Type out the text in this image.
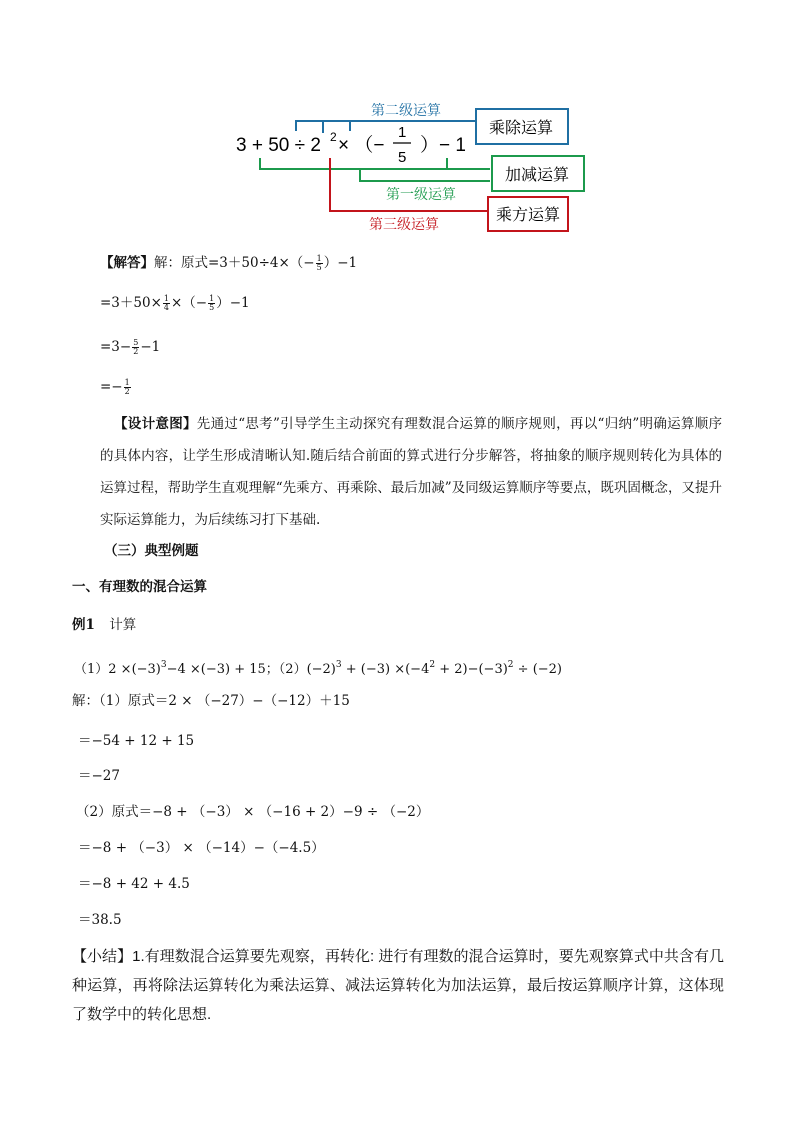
3 + 50 ÷ 2 2 × （−
1
5
）− 1
第二级运算
乘除运算
第一级运算
加减运算
第三级运算	乘方运算
【解答】解：原式$=3+50\div 4\times(- \frac{1}{5} )-1$
$=3+50\times \frac{1}{4}$ ×（− $\frac{1}{5} )-1$
$=3- \frac{5}{2} -1$
=− $\frac{1}{2}$
【设计意图】先通过“思考”引导学生主动探究有理数混合运算的顺序规则，再以“归纳”明确运算顺序的具体内容，让学生形成清晰认知.随后结合前面的算式进行分步解答，将抽象的顺序规则转化为具体的运算过程，帮助学生直观理解“先乘方、再乘除、最后加减”及同级运算顺序等要点，既巩固概念，又提升实际运算能力，为后续练习打下基础.
（三）典型例题
一、有理数的混合运算
例1 计算
$(1)2 \times(-3)^3-4 \times(-3) + 15$；$(2)(-2)^3 + (-3) \times(-4^2 + 2)-(-3)^2 \div (-2)$
解：（1）原式＝2 × （−27）−（−12）＋15
＝−54 + 12 + 15
＝−27
（2）原式＝−8 + （−3） × （−16 + 2）−9 ÷ （−2）
＝−8 + （−3） × （−14）−（−4.5）
＝−8 + 42 + 4.5
＝38.5
【小结】1.有理数混合运算要先观察，再转化: 进行有理数的混合运算时，要先观察算式中共含有几种运算，再将除法运算转化为乘法运算、减法运算转化为加法运算，最后按运算顺序计算，这体现了数学中的转化思想.
